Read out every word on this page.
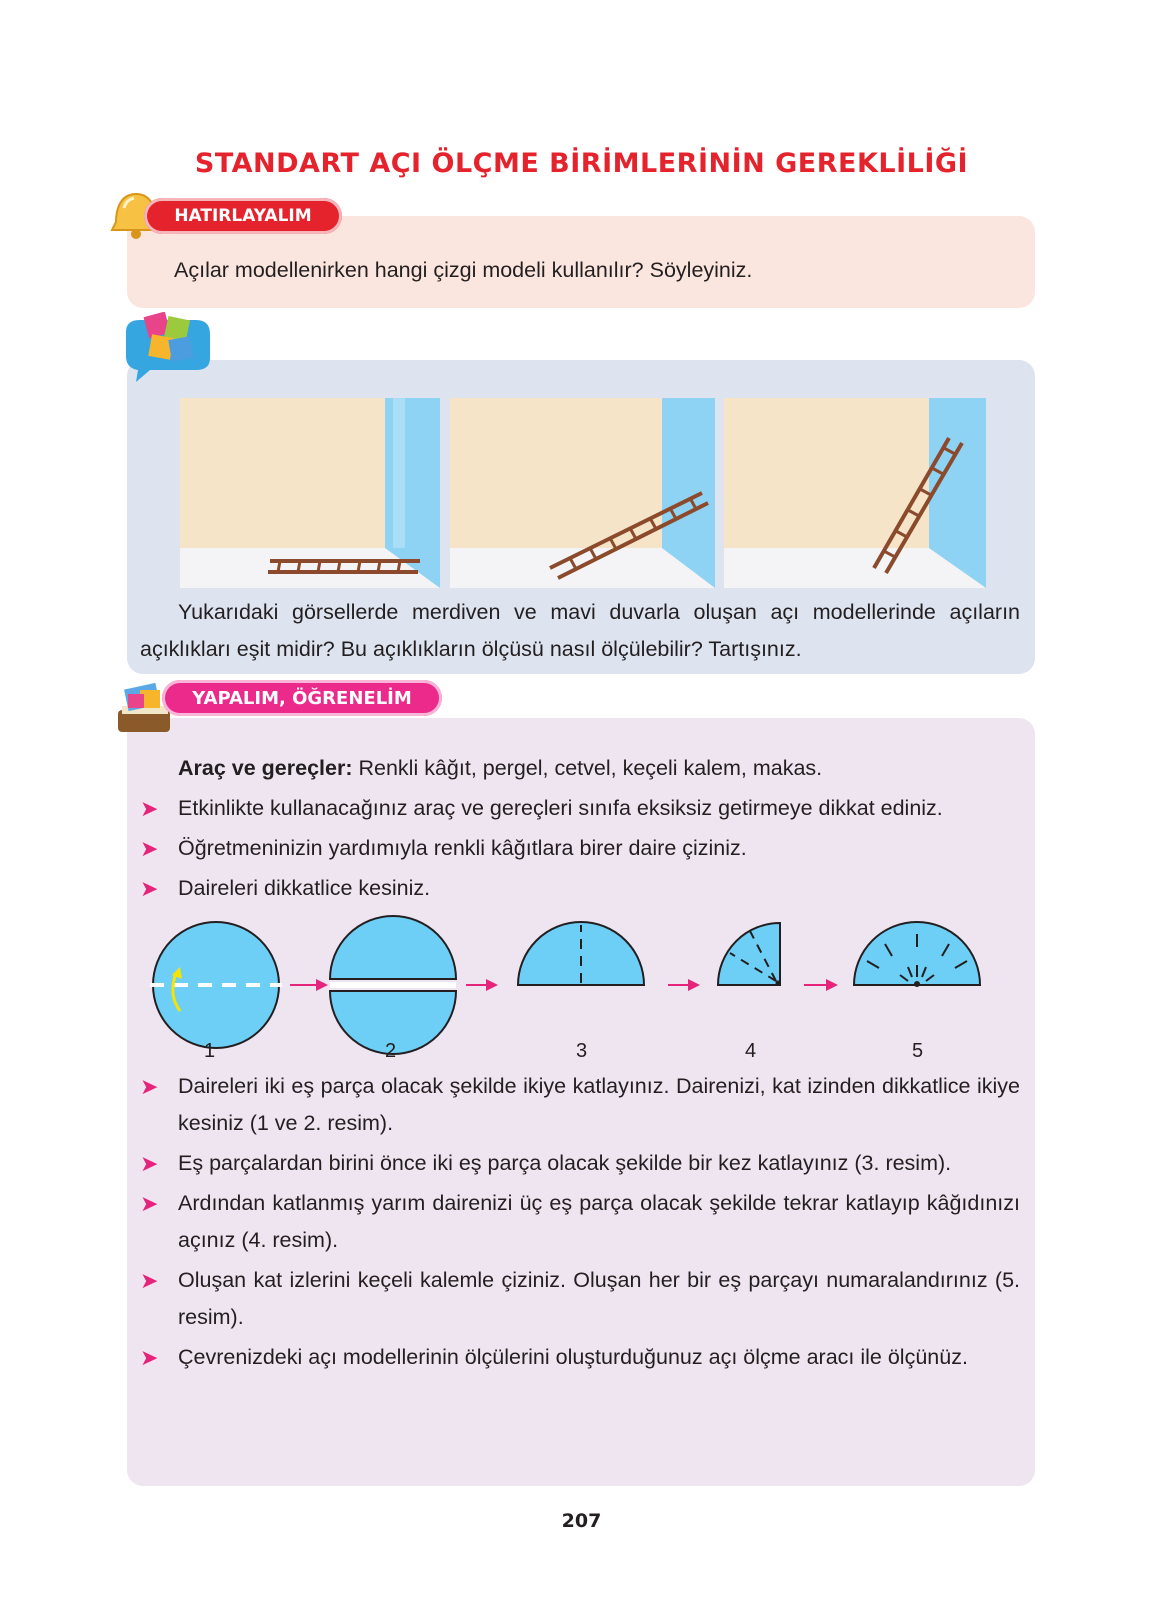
STANDART AÇI ÖLÇME BİRİMLERİNİN GEREKLİLİĞİ
HATIRLAYALIM
Açılar modellenirken hangi çizgi modeli kullanılır? Söyleyiniz.
Yukarıdaki görsellerde merdiven ve mavi duvarla oluşan açı modellerinde açıların açıklıkları eşit midir? Bu açıklıkların ölçüsü nasıl ölçülebilir? Tartışınız.
YAPALIM, ÖĞRENELİM
Araç ve gereçler: Renkli kâğıt, pergel, cetvel, keçeli kalem, makas.
➤ Etkinlikte kullanacağınız araç ve gereçleri sınıfa eksiksiz getirmeye dikkat ediniz.
➤ Öğretmeninizin yardımıyla renkli kâğıtlara birer daire çiziniz.
➤ Daireleri dikkatlice kesiniz.
1	2	3	4	5
➤ Daireleri iki eş parça olacak şekilde ikiye katlayınız. Dairenizi, kat izinden dikkatlice ikiye kesiniz (1 ve 2. resim).
➤ Eş parçalardan birini önce iki eş parça olacak şekilde bir kez katlayınız (3. resim).
➤ Ardından katlanmış yarım dairenizi üç eş parça olacak şekilde tekrar katlayıp kâğıdınızı açınız (4. resim).
➤ Oluşan kat izlerini keçeli kalemle çiziniz. Oluşan her bir eş parçayı numaralandırınız (5. resim).
➤ Çevrenizdeki açı modellerinin ölçülerini oluşturduğunuz açı ölçme aracı ile ölçünüz.
207
